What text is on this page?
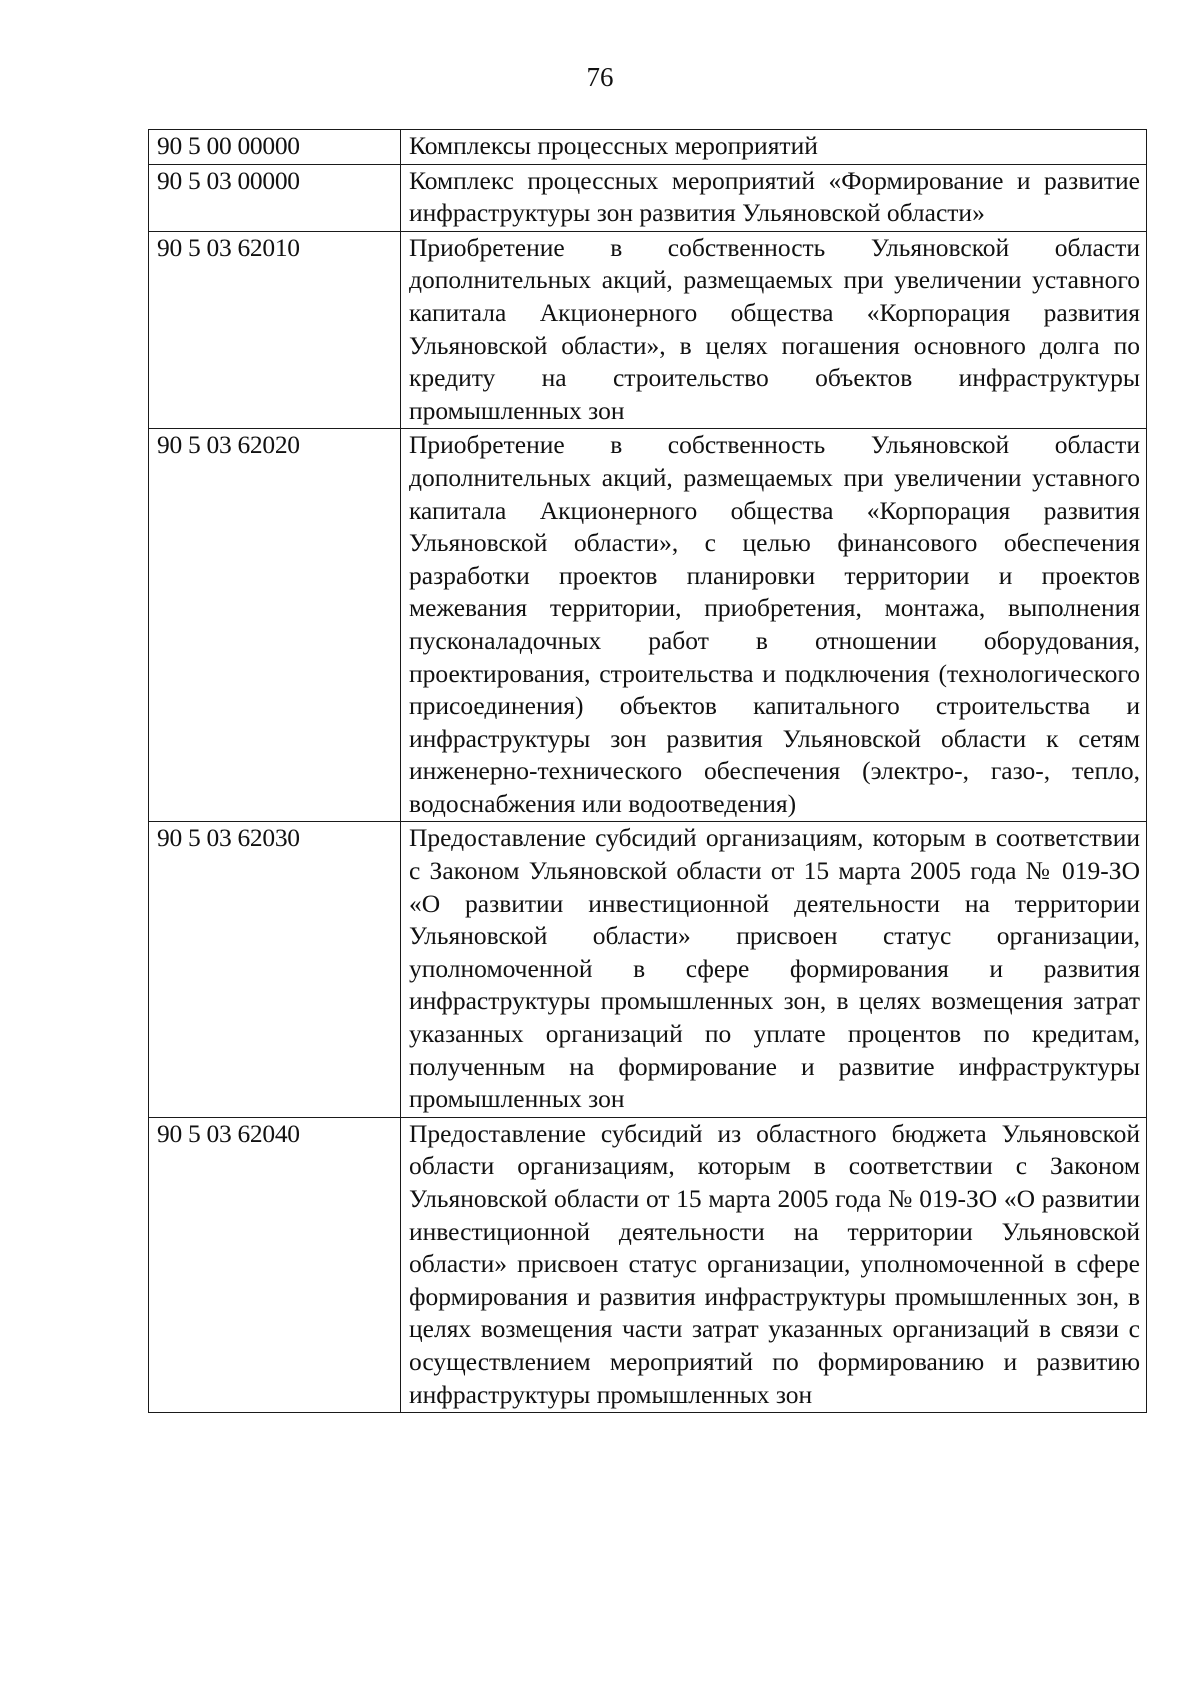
76
90 5 00 00000	Комплексы процессных мероприятий
90 5 03 00000	Комплекс процессных мероприятий «Формирование и развитие инфраструктуры зон развития Ульяновской области»
90 5 03 62010	Приобретение в собственность Ульяновской области дополнительных акций, размещаемых при увеличении уставного капитала Акционерного общества «Корпорация развития Ульяновской области», в целях погашения основного долга по кредиту на строительство объектов инфраструктуры промышленных зон
90 5 03 62020	Приобретение в собственность Ульяновской области дополнительных акций, размещаемых при увеличении уставного капитала Акционерного общества «Корпорация развития Ульяновской области», с целью финансового обеспечения разработки проектов планировки территории и проектов межевания территории, приобретения, монтажа, выполнения пусконаладочных работ в отношении оборудования, проектирования, строительства и подключения (технологического присоединения) объектов капитального строительства и инфраструктуры зон развития Ульяновской области к сетям инженерно-технического обеспечения (электро-, газо-, тепло, водоснабжения или водоотведения)
90 5 03 62030	Предоставление субсидий организациям, которым в соответствии с Законом Ульяновской области от 15 марта 2005 года № 019-ЗО «О развитии инвестиционной деятельности на территории Ульяновской области» присвоен статус организации, уполномоченной в сфере формирования и развития инфраструктуры промышленных зон, в целях возмещения затрат указанных организаций по уплате процентов по кредитам, полученным на формирование и развитие инфраструктуры промышленных зон
90 5 03 62040	Предоставление субсидий из областного бюджета Ульяновской области организациям, которым в соответствии с Законом Ульяновской области от 15 марта 2005 года № 019-ЗО «О развитии инвестиционной деятельности на территории Ульяновской области» присвоен статус организации, уполномоченной в сфере формирования и развития инфраструктуры промышленных зон, в целях возмещения части затрат указанных организаций в связи с осуществлением мероприятий по формированию и развитию инфраструктуры промышленных зон
